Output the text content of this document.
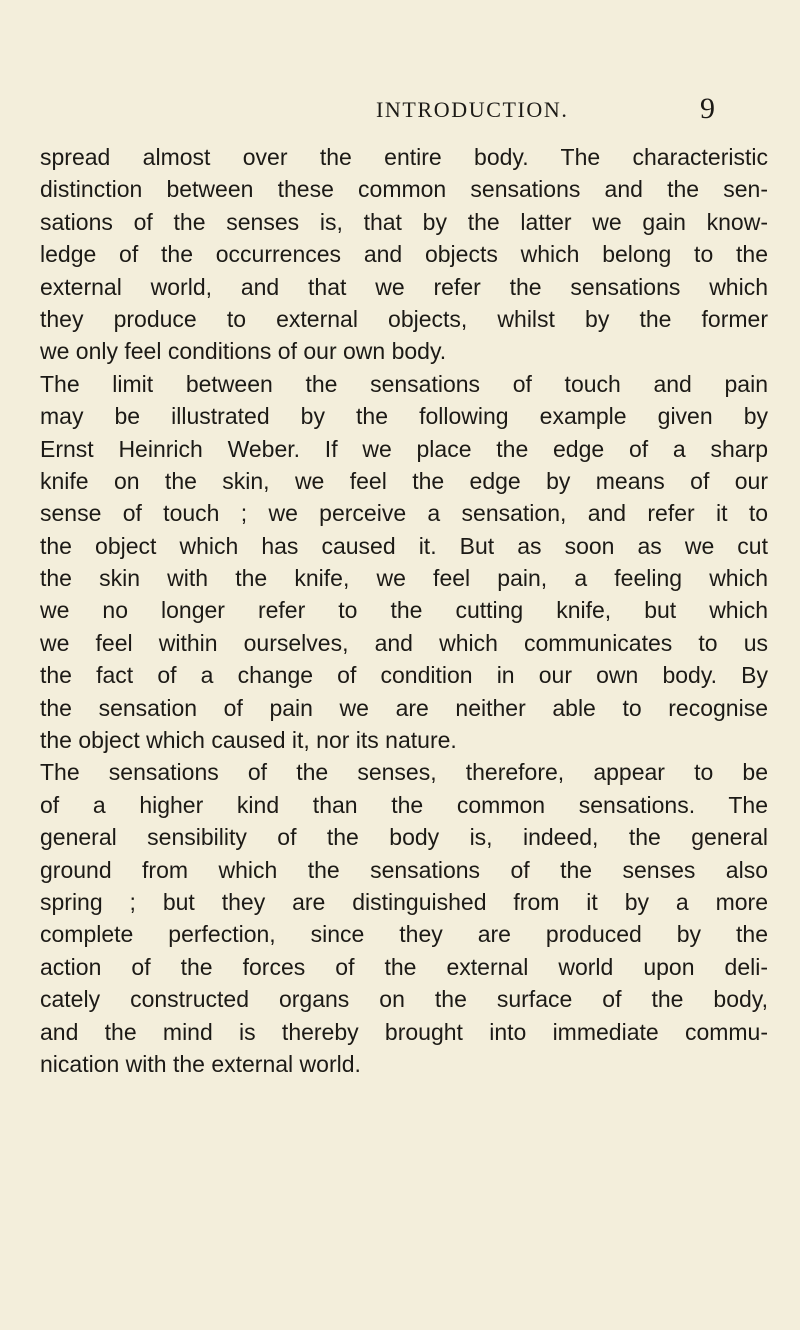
INTRODUCTION.	9
spread almost over the entire body. The characteristic
distinction between these common sensations and the sen-
sations of the senses is, that by the latter we gain know-
ledge of the occurrences and objects which belong to the
external world, and that we refer the sensations which
they produce to external objects, whilst by the former
we only feel conditions of our own body.
The limit between the sensations of touch and pain
may be illustrated by the following example given by
Ernst Heinrich Weber. If we place the edge of a sharp
knife on the skin, we feel the edge by means of our
sense of touch ; we perceive a sensation, and refer it to
the object which has caused it. But as soon as we cut
the skin with the knife, we feel pain, a feeling which
we no longer refer to the cutting knife, but which
we feel within ourselves, and which communicates to us
the fact of a change of condition in our own body. By
the sensation of pain we are neither able to recognise
the object which caused it, nor its nature.
The sensations of the senses, therefore, appear to be
of a higher kind than the common sensations. The
general sensibility of the body is, indeed, the general
ground from which the sensations of the senses also
spring ; but they are distinguished from it by a more
complete perfection, since they are produced by the
action of the forces of the external world upon deli-
cately constructed organs on the surface of the body,
and the mind is thereby brought into immediate commu-
nication with the external world.
